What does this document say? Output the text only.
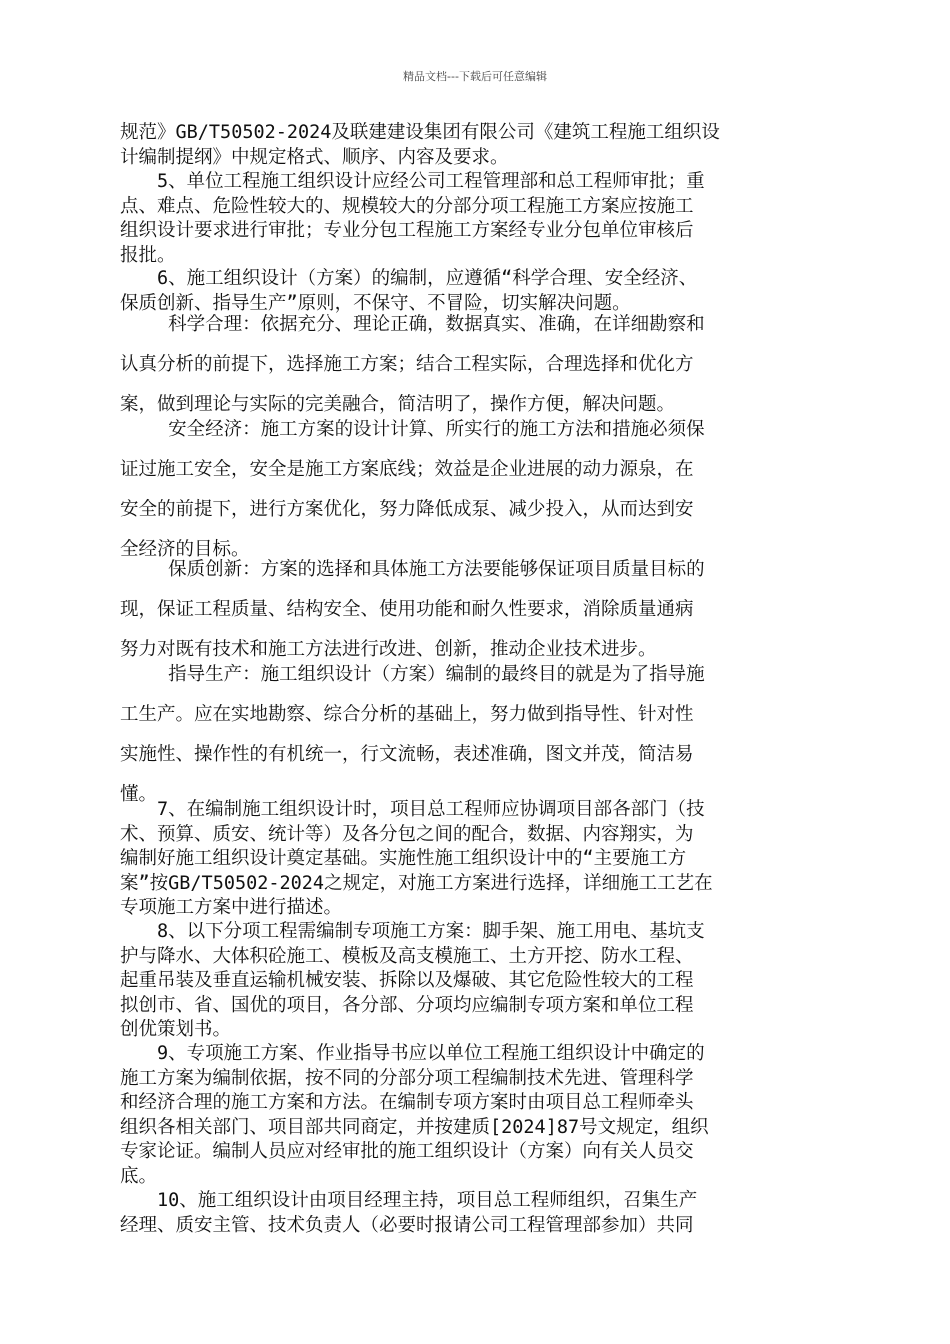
精品文档---下载后可任意编辑
规范》GB/T50502-2024及联建建设集团有限公司《建筑工程施工组织设
计编制提纲》中规定格式、顺序、内容及要求。
　　5、单位工程施工组织设计应经公司工程管理部和总工程师审批；重
点、难点、危险性较大的、规模较大的分部分项工程施工方案应按施工
组织设计要求进行审批；专业分包工程施工方案经专业分包单位审核后
报批。
　　6、施工组织设计（方案）的编制，应遵循“科学合理、安全经济、
保质创新、指导生产”原则，不保守、不冒险，切实解决问题。
　　 科学合理：依据充分、理论正确，数据真实、准确，在详细勘察和
认真分析的前提下，选择施工方案；结合工程实际，合理选择和优化方
案，做到理论与实际的完美融合，简洁明了，操作方便，解决问题。
　　 安全经济：施工方案的设计计算、所实行的施工方法和措施必须保
证过施工安全，安全是施工方案底线；效益是企业进展的动力源泉，在
安全的前提下，进行方案优化，努力降低成泵、减少投入，从而达到安
全经济的目标。
　　 保质创新：方案的选择和具体施工方法要能够保证项目质量目标的
现，保证工程质量、结构安全、使用功能和耐久性要求，消除质量通病
努力对既有技术和施工方法进行改进、创新，推动企业技术进步。
　　 指导生产：施工组织设计（方案）编制的最终目的就是为了指导施
工生产。应在实地勘察、综合分析的基础上，努力做到指导性、针对性
实施性、操作性的有机统一，行文流畅，表述准确，图文并茂，简洁易
懂。
　　7、在编制施工组织设计时，项目总工程师应协调项目部各部门（技
术、预算、质安、统计等）及各分包之间的配合，数据、内容翔实，为
编制好施工组织设计奠定基础。实施性施工组织设计中的“主要施工方
案”按GB/T50502-2024之规定，对施工方案进行选择，详细施工工艺在
专项施工方案中进行描述。
　　8、以下分项工程需编制专项施工方案：脚手架、施工用电、基坑支
护与降水、大体积砼施工、模板及高支模施工、土方开挖、防水工程、
起重吊装及垂直运输机械安装、拆除以及爆破、其它危险性较大的工程
拟创市、省、国优的项目，各分部、分项均应编制专项方案和单位工程
创优策划书。
　　9、专项施工方案、作业指导书应以单位工程施工组织设计中确定的
施工方案为编制依据，按不同的分部分项工程编制技术先进、管理科学
和经济合理的施工方案和方法。在编制专项方案时由项目总工程师牵头
组织各相关部门、项目部共同商定，并按建质[2024]87号文规定，组织
专家论证。编制人员应对经审批的施工组织设计（方案）向有关人员交
底。
　　10、施工组织设计由项目经理主持，项目总工程师组织，召集生产
经理、质安主管、技术负责人（必要时报请公司工程管理部参加）共同
